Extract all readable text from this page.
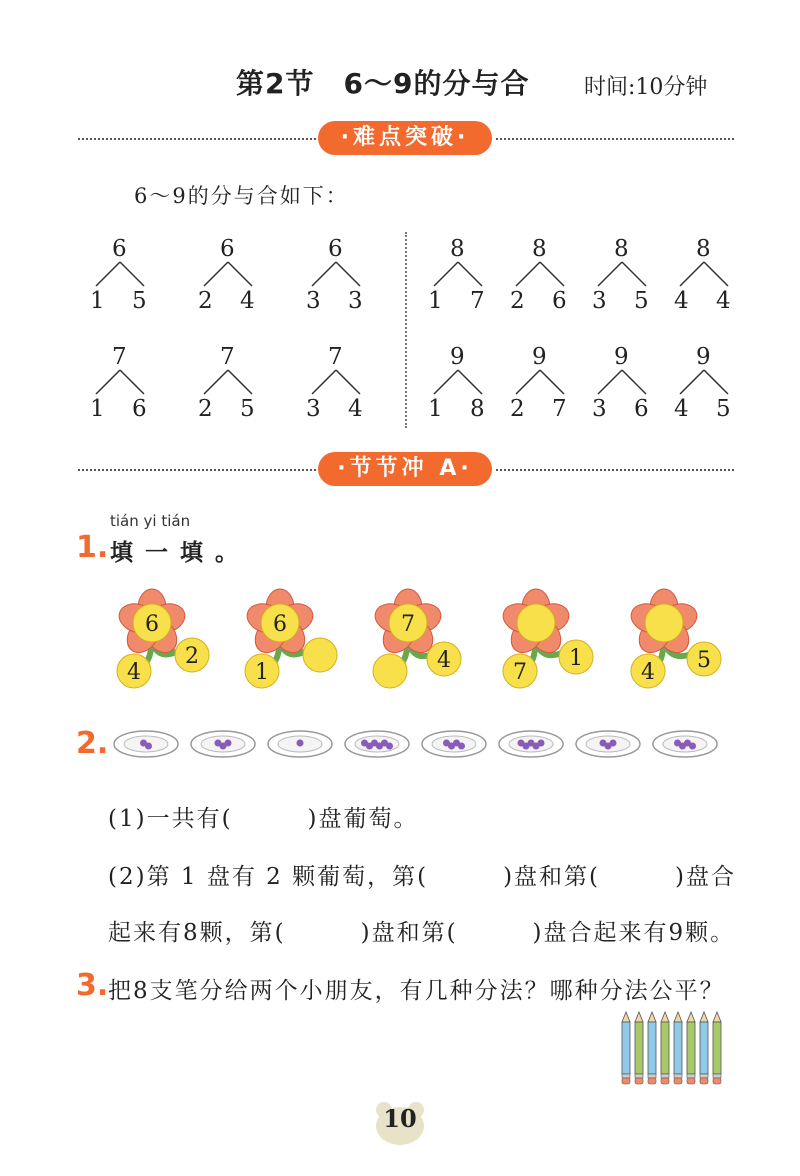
第2节　6～9的分与合 时间:10分钟
·难点突破·
6～9的分与合如下：
6
1 5
6
2 4
6
3 3
8
1 7
8
2 6
8
3 5
8
4 4
7
1 6
7
2 5
7
3 4
9
1 8
9
2 7
9
3 6
9
4 5
·节节冲 A·
tián yi tián
1. 填 一 填 。
6
4
2
6
1
7
4	7
1
4 5
2.
(1)一共有(　　　)盘葡萄。
(2)第 1 盘有 2 颗葡萄，第(　　　)盘和第(　　　)盘合
起来有8颗，第(　　　)盘和第(　　　)盘合起来有9颗。
3. 把8支笔分给两个小朋友，有几种分法？哪种分法公平？
10
